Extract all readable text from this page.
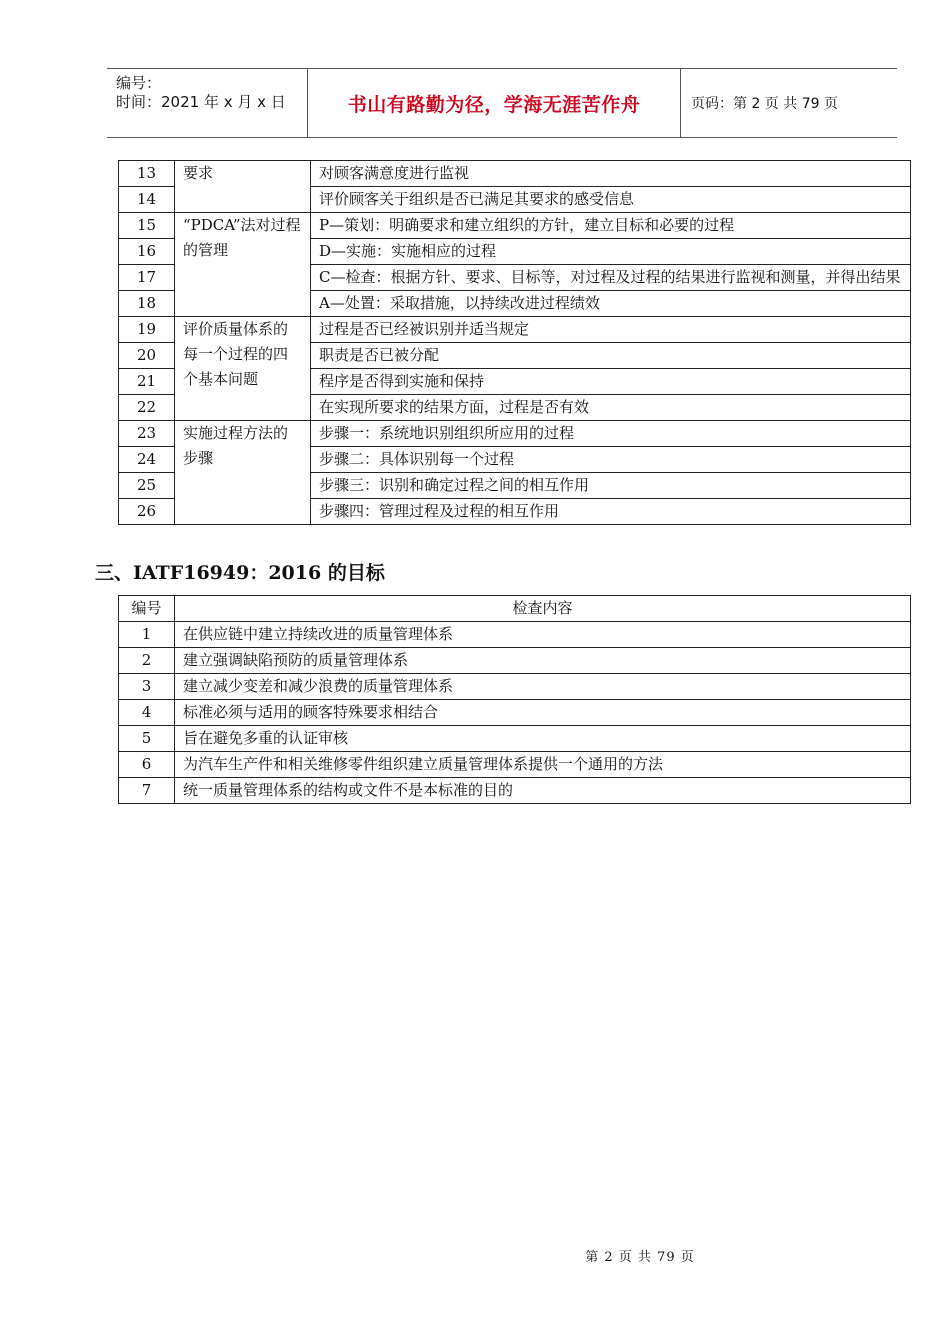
编号：
时间：2021 年 x 月 x 日	书山有路勤为径，学海无涯苦作舟	页码：第 2 页 共 79 页
13	要求	对顾客满意度进行监视
14		评价顾客关于组织是否已满足其要求的感受信息
15	“PDCA”法对过程的管理	P—策划：明确要求和建立组织的方针，建立目标和必要的过程
16		D—实施：实施相应的过程
17		C—检查：根据方针、要求、目标等，对过程及过程的结果进行监视和测量，并得出结果
18		A—处置：采取措施，以持续改进过程绩效
19	评价质量体系的每一个过程的四个基本问题	过程是否已经被识别并适当规定
20		职责是否已被分配
21		程序是否得到实施和保持
22		在实现所要求的结果方面，过程是否有效
23	实施过程方法的步骤	步骤一：系统地识别组织所应用的过程
24		步骤二：具体识别每一个过程
25		步骤三：识别和确定过程之间的相互作用
26		步骤四：管理过程及过程的相互作用
三、IATF16949：2016 的目标
编号	检查内容
1	在供应链中建立持续改进的质量管理体系
2	建立强调缺陷预防的质量管理体系
3	建立减少变差和减少浪费的质量管理体系
4	标准必须与适用的顾客特殊要求相结合
5	旨在避免多重的认证审核
6	为汽车生产件和相关维修零件组织建立质量管理体系提供一个通用的方法
7	统一质量管理体系的结构或文件不是本标准的目的
第 2 页 共 79 页
